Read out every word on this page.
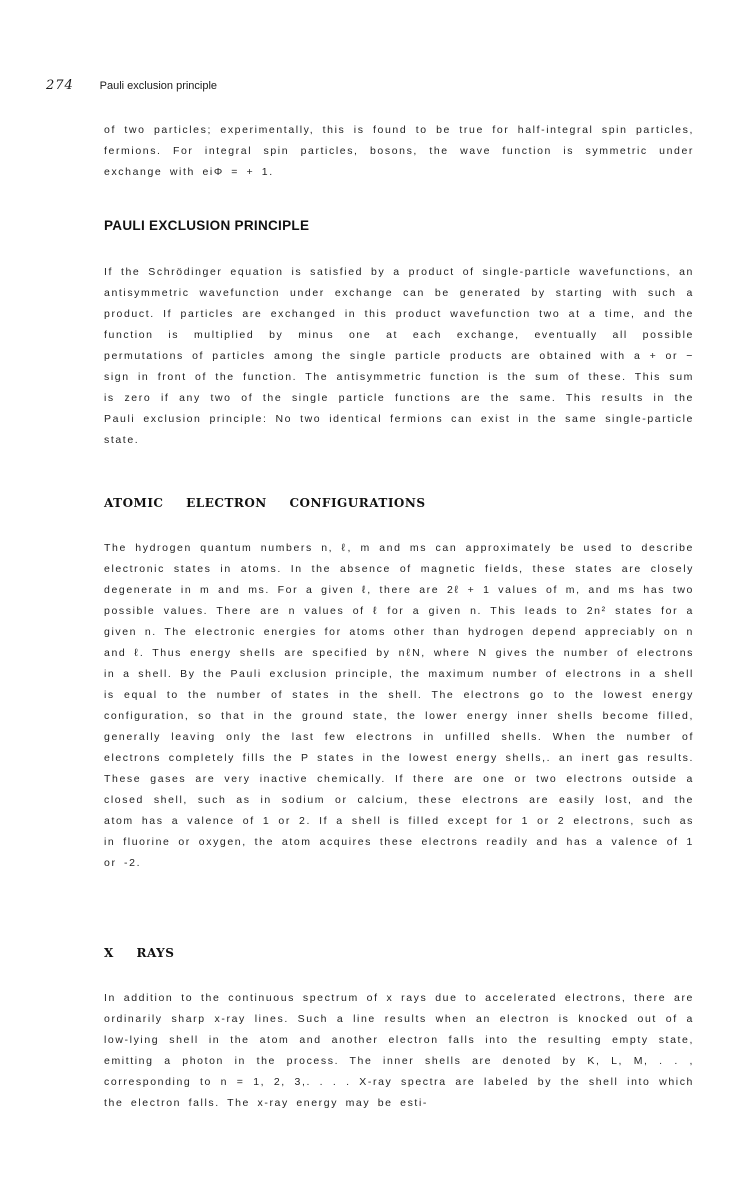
274 Pauli exclusion principle

of two particles; experimentally, this is found to be true for half-integral spin particles, fermions. For integral spin particles, bosons, the wave function is symmetric under exchange with eiΦ = + 1.

PAULI EXCLUSION PRINCIPLE

If the Schrödinger equation is satisfied by a product of single-particle wavefunctions, an antisymmetric wavefunction under exchange can be generated by starting with such a product. If particles are exchanged in this product wavefunction two at a time, and the function is multiplied by minus one at each exchange, eventually all possible permutations of particles among the single particle products are obtained with a + or − sign in front of the function. The antisymmetric function is the sum of these. This sum is zero if any two of the single particle functions are the same. This results in the Pauli exclusion principle: No two identical fermions can exist in the same single-particle state.

ATOMIC ELECTRON CONFIGURATIONS

The hydrogen quantum numbers n, ℓ, m and ms can approximately be used to describe electronic states in atoms. In the absence of magnetic fields, these states are closely degenerate in m and ms. For a given ℓ, there are 2ℓ + 1 values of m, and ms has two possible values. There are n values of ℓ for a given n. This leads to 2n² states for a given n. The electronic energies for atoms other than hydrogen depend appreciably on n and ℓ. Thus energy shells are specified by nℓN, where N gives the number of electrons in a shell. By the Pauli exclusion principle, the maximum number of electrons in a shell is equal to the number of states in the shell. The electrons go to the lowest energy configuration, so that in the ground state, the lower energy inner shells become filled, generally leaving only the last few electrons in unfilled shells. When the number of electrons completely fills the P states in the lowest energy shells,. an inert gas results. These gases are very inactive chemically. If there are one or two electrons outside a closed shell, such as in sodium or calcium, these electrons are easily lost, and the atom has a valence of 1 or 2. If a shell is filled except for 1 or 2 electrons, such as in fluorine or oxygen, the atom acquires these electrons readily and has a valence of 1 or -2.

X RAYS

In addition to the continuous spectrum of x rays due to accelerated electrons, there are ordinarily sharp x-ray lines. Such a line results when an electron is knocked out of a low-lying shell in the atom and another electron falls into the resulting empty state, emitting a photon in the process. The inner shells are denoted by K, L, M, . . , corresponding to n = 1, 2, 3,. . . . X-ray spectra are labeled by the shell into which the electron falls. The x-ray energy may be esti-
